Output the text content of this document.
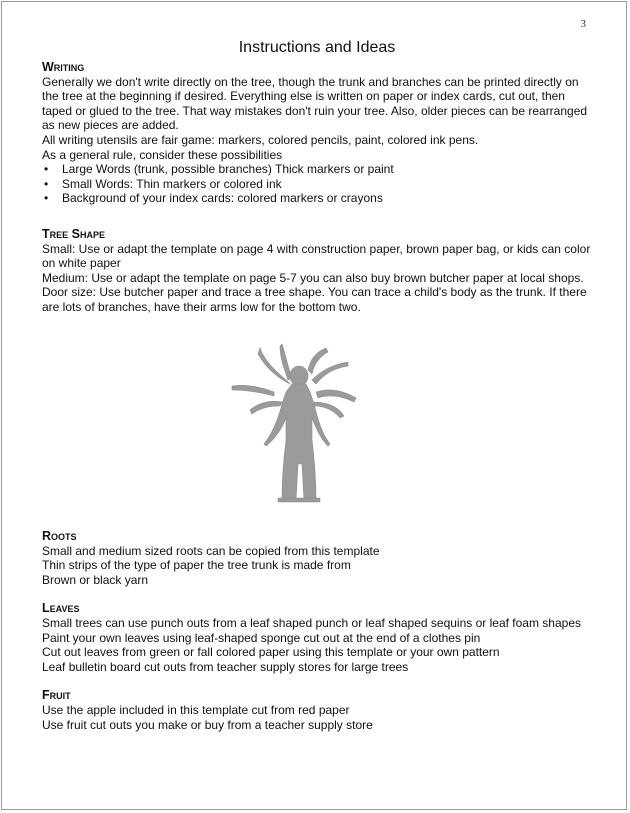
3
Instructions and Ideas
Writing

Generally we don't write directly on the tree, though the trunk and branches can be printed directly on the tree at the beginning if desired. Everything else is written on paper or index cards, cut out, then taped or glued to the tree. That way mistakes don't ruin your tree. Also, older pieces can be rearranged as new pieces are added.

All writing utensils are fair game: markers, colored pencils, paint, colored ink pens.
As a general rule, consider these possibilities
• Large Words (trunk, possible branches) Thick markers or paint
• Small Words: Thin markers or colored ink
• Background of your index cards: colored markers or crayons
Tree Shape
Small: Use or adapt the template on page 4 with construction paper, brown paper bag, or kids can color on white paper
Medium: Use or adapt the template on page 5-7 you can also buy brown butcher paper at local shops.
Door size: Use butcher paper and trace a tree shape. You can trace a child's body as the trunk. If there are lots of branches, have their arms low for the bottom two.
Roots
Small and medium sized roots can be copied from this template
Thin strips of the type of paper the tree trunk is made from
Brown or black yarn
Leaves
Small trees can use punch outs from a leaf shaped punch or leaf shaped sequins or leaf foam shapes
Paint your own leaves using leaf-shaped sponge cut out at the end of a clothes pin
Cut out leaves from green or fall colored paper using this template or your own pattern
Leaf bulletin board cut outs from teacher supply stores for large trees
Fruit
Use the apple included in this template cut from red paper
Use fruit cut outs you make or buy from a teacher supply store
